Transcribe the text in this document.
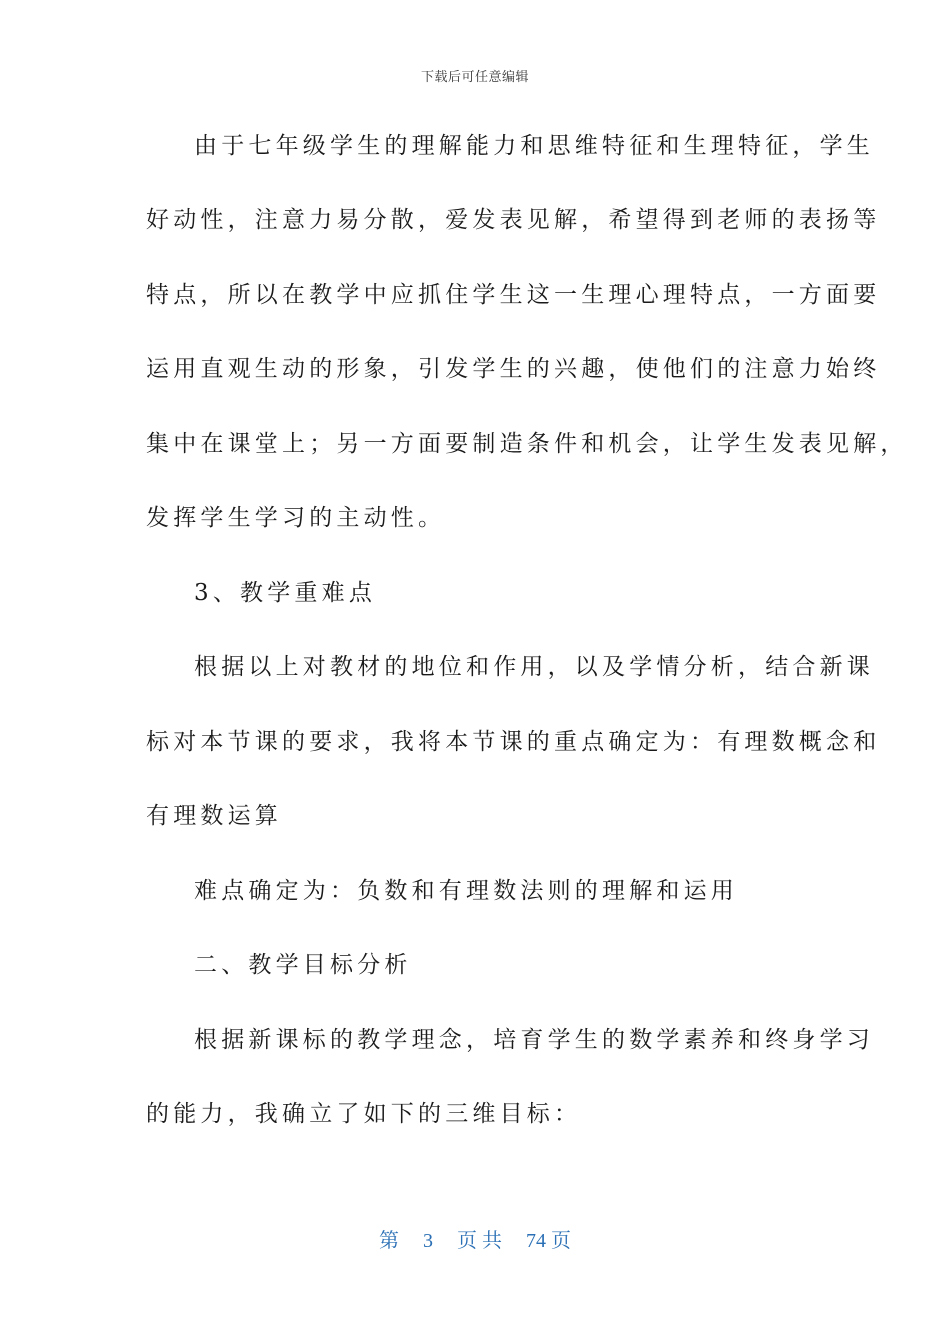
下载后可任意编辑
由于七年级学生的理解能力和思维特征和生理特征，学生
好动性，注意力易分散，爱发表见解，希望得到老师的表扬等
特点，所以在教学中应抓住学生这一生理心理特点，一方面要
运用直观生动的形象，引发学生的兴趣，使他们的注意力始终
集中在课堂上；另一方面要制造条件和机会，让学生发表见解，
发挥学生学习的主动性。
3、教学重难点
根据以上对教材的地位和作用，以及学情分析，结合新课
标对本节课的要求，我将本节课的重点确定为：有理数概念和
有理数运算
难点确定为：负数和有理数法则的理解和运用
二、教学目标分析
根据新课标的教学理念，培育学生的数学素养和终身学习
的能力，我确立了如下的三维目标：
第 3 页 共 74 页
